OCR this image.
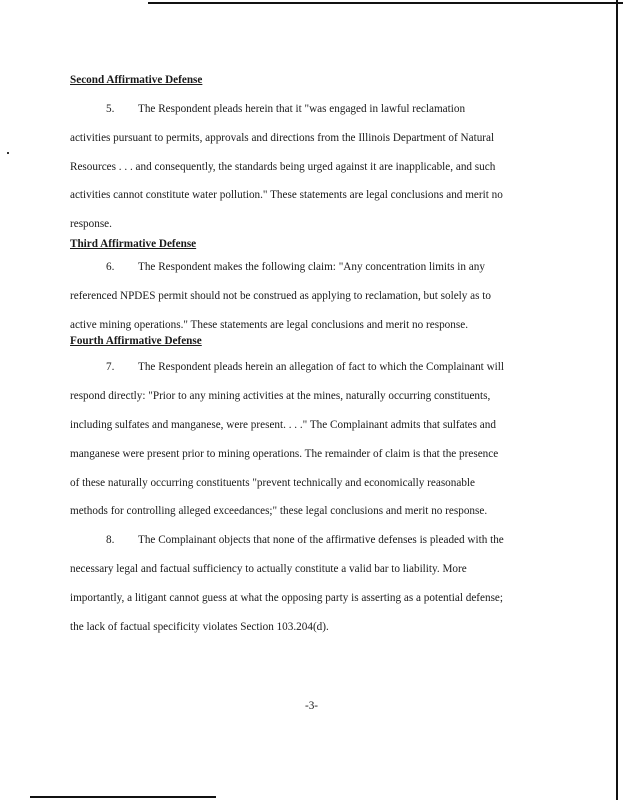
Second Affirmative Defense

5. The Respondent pleads herein that it "was engaged in lawful reclamation
activities pursuant to permits, approvals and directions from the Illinois Department of Natural
Resources . . . and consequently, the standards being urged against it are inapplicable, and such
activities cannot constitute water pollution." These statements are legal conclusions and merit no
response.

Third Affirmative Defense

6. The Respondent makes the following claim: "Any concentration limits in any
referenced NPDES permit should not be construed as applying to reclamation, but solely as to
active mining operations." These statements are legal conclusions and merit no response.

Fourth Affirmative Defense

7. The Respondent pleads herein an allegation of fact to which the Complainant will
respond directly: "Prior to any mining activities at the mines, naturally occurring constituents,
including sulfates and manganese, were present. . . ." The Complainant admits that sulfates and
manganese were present prior to mining operations. The remainder of claim is that the presence
of these naturally occurring constituents "prevent technically and economically reasonable
methods for controlling alleged exceedances;" these legal conclusions and merit no response.
8. The Complainant objects that none of the affirmative defenses is pleaded with the
necessary legal and factual sufficiency to actually constitute a valid bar to liability. More
importantly, a litigant cannot guess at what the opposing party is asserting as a potential defense;
the lack of factual specificity violates Section 103.204(d).
-3-
